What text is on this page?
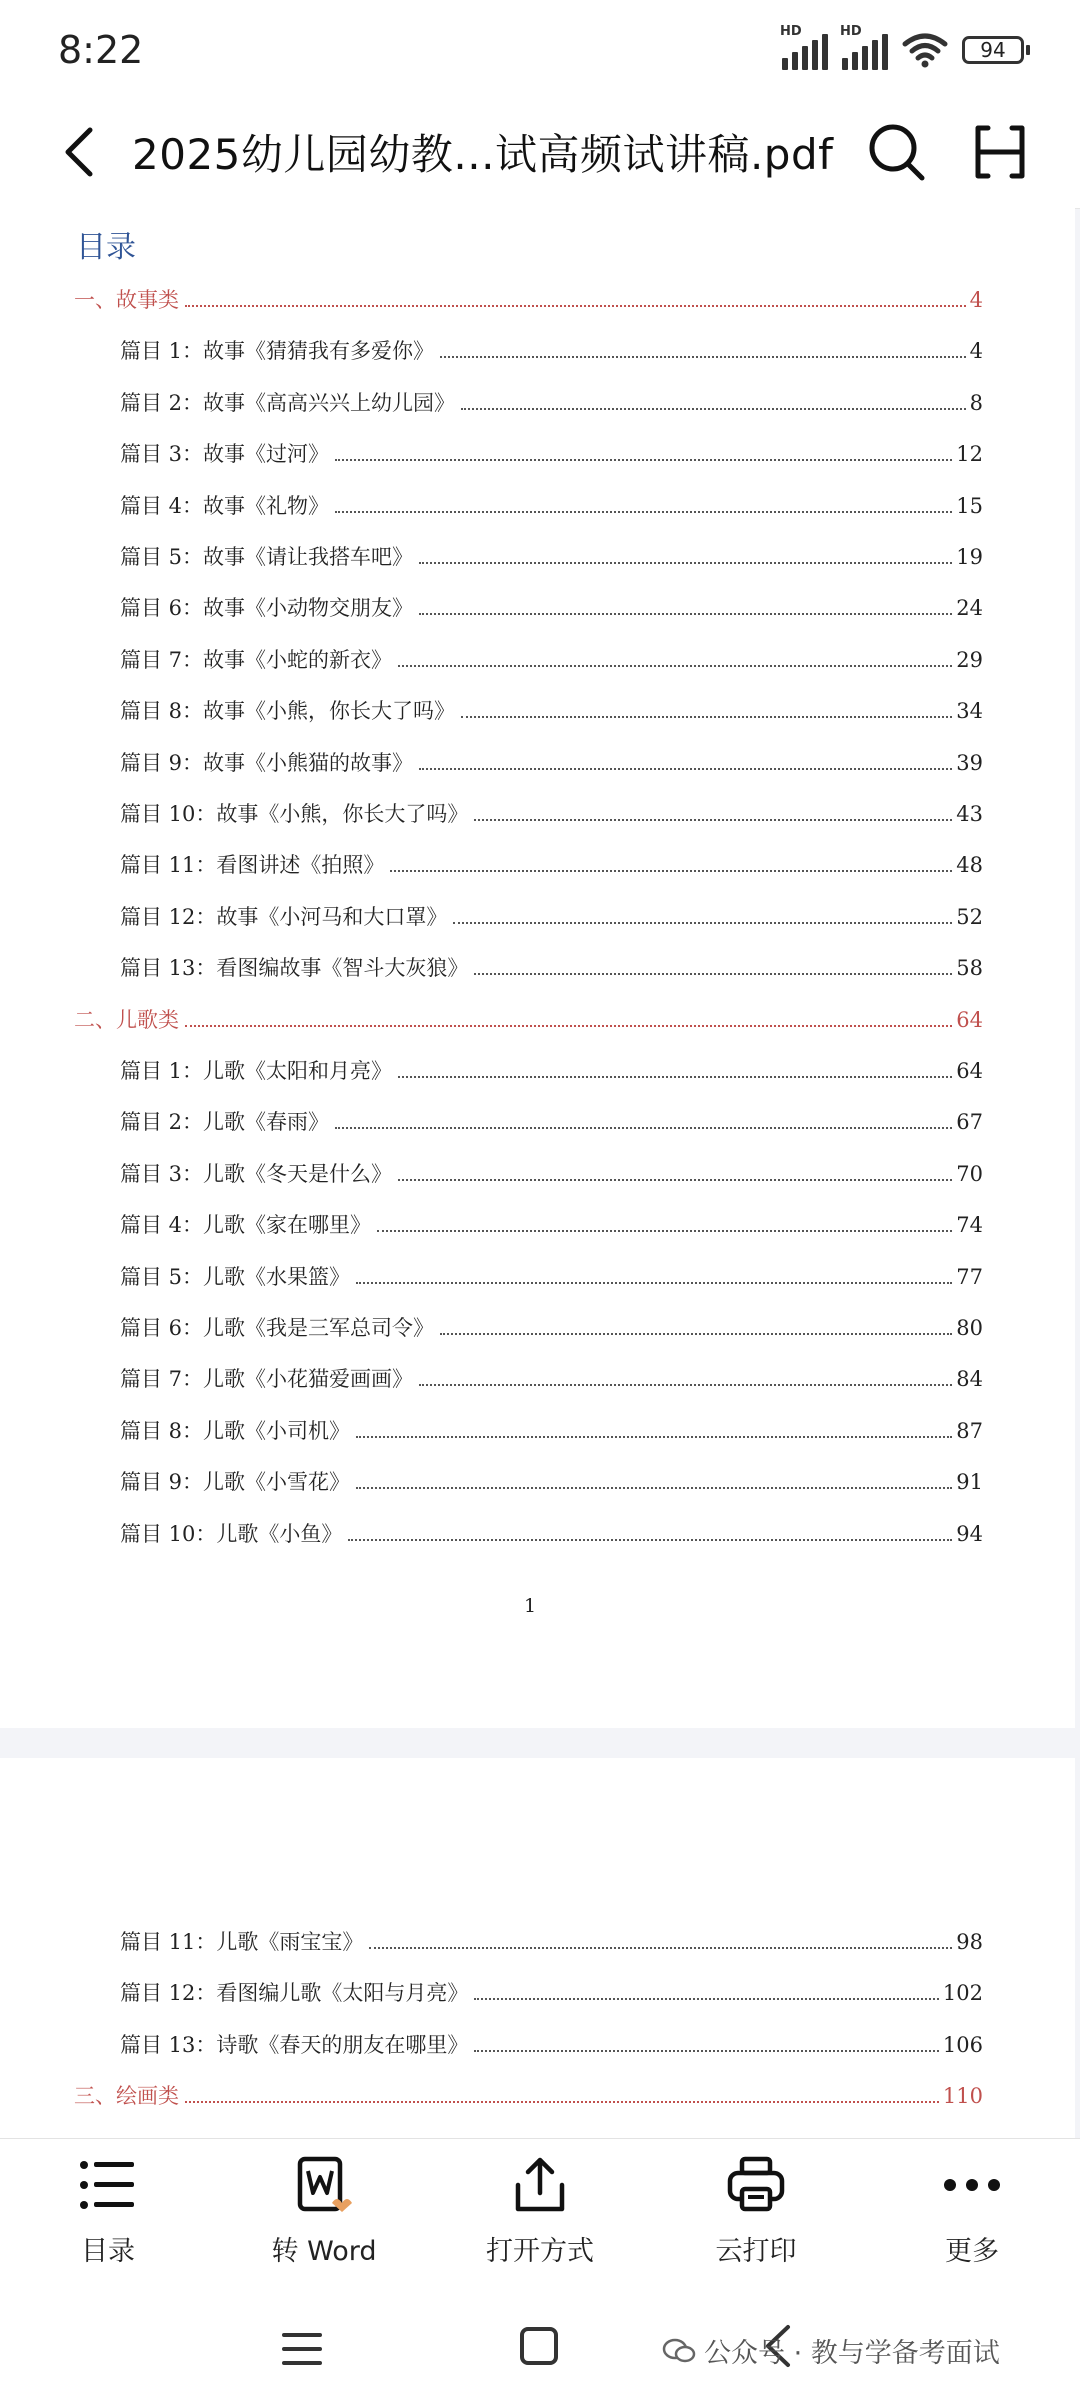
8:22	HD	HD
94
2025幼儿园幼教...试高频试讲稿.pdf
目录
一、故事类	4
篇目 1：故事《猜猜我有多爱你》	4
篇目 2：故事《高高兴兴上幼儿园》	8
篇目 3：故事《过河》	12
篇目 4：故事《礼物》	15
篇目 5：故事《请让我搭车吧》	19
篇目 6：故事《小动物交朋友》	24
篇目 7：故事《小蛇的新衣》	29
篇目 8：故事《小熊，你长大了吗》	34
篇目 9：故事《小熊猫的故事》	39
篇目 10：故事《小熊，你长大了吗》	43
篇目 11：看图讲述《拍照》	48
篇目 12：故事《小河马和大口罩》	52
篇目 13：看图编故事《智斗大灰狼》	58
二、儿歌类	64
篇目 1：儿歌《太阳和月亮》	64
篇目 2：儿歌《春雨》	67
篇目 3：儿歌《冬天是什么》	70
篇目 4：儿歌《家在哪里》	74
篇目 5：儿歌《水果篮》	77
篇目 6：儿歌《我是三军总司令》	80
篇目 7：儿歌《小花猫爱画画》	84
篇目 8：儿歌《小司机》	87
篇目 9：儿歌《小雪花》	91
篇目 10：儿歌《小鱼》	94
1
篇目 11：儿歌《雨宝宝》	98
篇目 12：看图编儿歌《太阳与月亮》	102
篇目 13：诗歌《春天的朋友在哪里》	106
三、绘画类	110
目录	转 Word	打开方式	云打印	更多
公众号 · 教与学备考面试
